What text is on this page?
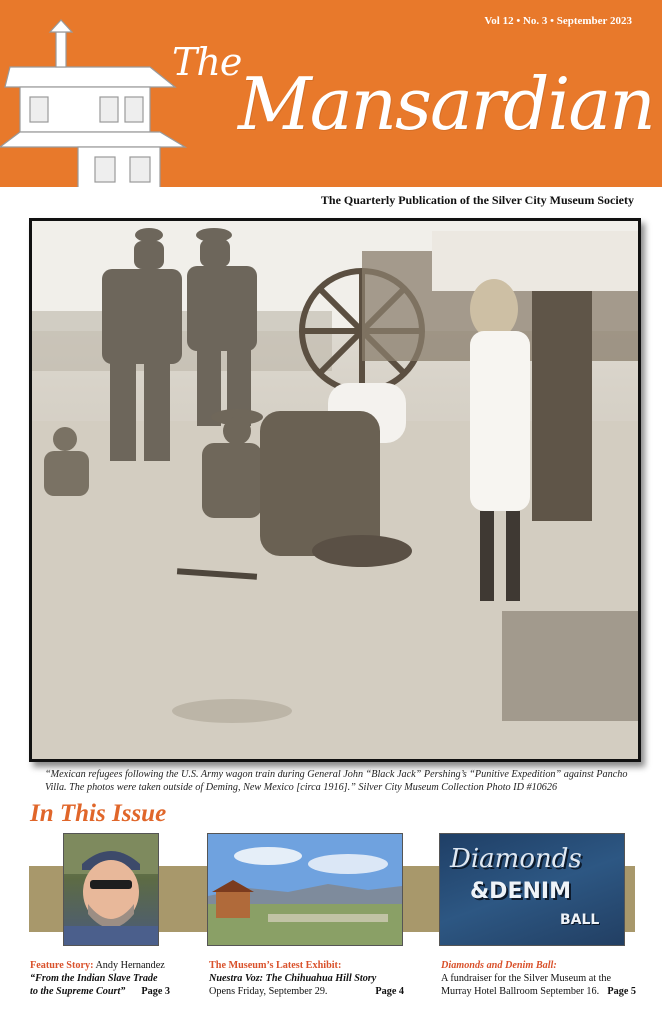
Vol 12 • No. 3 • September 2023
The
Mansardian
The Quarterly Publication of the Silver City Museum Society
“Mexican refugees following the U.S. Army wagon train during General John “Black Jack” Pershing’s “Punitive Expedition” against Pancho Villa. The photos were taken outside of Deming, New Mexico [circa 1916].” Silver City Museum Collection Photo ID #10626
In This Issue
Diamonds
&DENIM
BALL
Feature Story: Andy Hernandez
“From the Indian Slave Trade
to the Supreme Court” Page 3
The Museum’s Latest Exhibit:
Nuestra Voz: The Chihuahua Hill Story
Opens Friday, September 29.	Page 4
Diamonds and Denim Ball:
A fundraiser for the Silver Museum at the
Murray Hotel Ballroom September 16. Page 5
